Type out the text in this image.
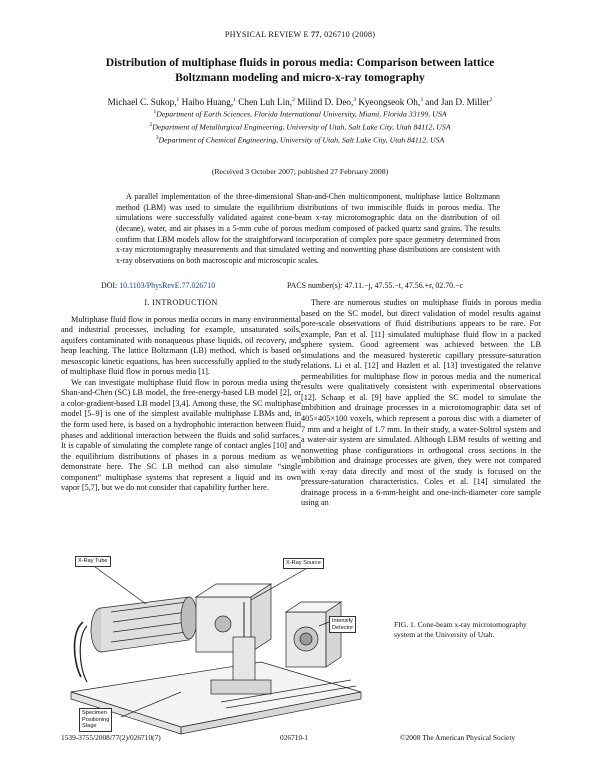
PHYSICAL REVIEW E 77, 026710 (2008)
Distribution of multiphase fluids in porous media: Comparison between lattice
Boltzmann modeling and micro-x-ray tomography
Michael C. Sukop,$^1$ Haibo Huang,$^1$ Chen Luh Lin,$^2$ Milind D. Deo,$^3$ Kyeongseok Oh,$^3$ and Jan D. Miller$^2$
$^1$Department of Earth Sciences, Florida International University, Miami, Florida 33199, USA
$^2$Department of Metallurgical Engineering, University of Utah, Salt Lake City, Utah 84112, USA
$^3$Department of Chemical Engineering, University of Utah, Salt Lake City, Utah 84112, USA
(Received 3 October 2007; published 27 February 2008)

A parallel implementation of the three-dimensional Shan-and-Chen multicomponent, multiphase lattice Boltzmann method (LBM) was used to simulate the equilibrium distributions of two immiscible fluids in porous media. The simulations were successfully validated against cone-beam x-ray microtomographic data on the distribution of oil (decane), water, and air phases in a 5-mm cube of porous medium composed of packed quartz sand grains. The results confirm that LBM models allow for the straightforward incorporation of complex pore space geometry determined from x-ray microtomography measurements and that simulated wetting and nonwetting phase distributions are consistent with x-ray observations on both macroscopic and microscopic scales.

DOI: 10.1103/PhysRevE.77.026710	PACS number(s): 47.11.−j, 47.55.−t, 47.56.+r, 02.70.−c
I. INTRODUCTION

Multiphase fluid flow in porous media occurs in many environmental and industrial processes, including for example, unsaturated soils, aquifers contaminated with nonaqueous phase liquids, oil recovery, and heap leaching. The lattice Boltzmann (LB) method, which is based on mesoscopic kinetic equations, has been successfully applied to the study of multiphase fluid flow in porous media [1].

We can investigate multiphase fluid flow in porous media using the Shan-and-Chen (SC) LB model, the free-energy-based LB model [2], or a color-gradient-based LB model [3,4]. Among these, the SC multiphase model [5–9] is one of the simplest available multiphase LBMs and, in the form used here, is based on a hydrophobic interaction between fluid phases and additional interaction between the fluids and solid surfaces. It is capable of simulating the complete range of contact angles [10] and the equilibrium distributions of phases in a porous medium as we demonstrate here. The SC LB method can also simulate “single component” multiphase systems that represent a liquid and its own vapor [5,7], but we do not consider that capability further here.

There are numerous studies on multiphase fluids in porous media based on the SC model, but direct validation of model results against pore-scale observations of fluid distributions appears to be rare. For example, Pan et al. [11] simulated multiphase fluid flow in a packed sphere system. Good agreement was achieved between the LB simulations and the measured hysteretic capillary pressure-saturation relations. Li et al. [12] and Hazlett et al. [13] investigated the relative permeabilities for multiphase flow in porous media and the numerical results were qualitatively consistent with experimental observations [12]. Schaap et al. [9] have applied the SC model to simulate the imbibition and drainage processes in a microtomographic data set of 405×405×100 voxels, which represent a porous disc with a diameter of 7 mm and a height of 1.7 mm. In their study, a water-Soltrol system and a water-air system are simulated. Although LBM results of wetting and nonwetting phase configurations in orthogonal cross sections in the imbibition and drainage processes are given, they were not compared with x-ray data directly and most of the study is focused on the pressure-saturation characteristics. Coles et al. [14] simulated the drainage process in a 6-mm-height and one-inch-diameter core sample using an

X-Ray Tube	X-Ray Source
Intensify
Detector
Specimen
Positioning
Stage
FIG. 1. Cone-beam x-ray microtomography system at the University of Utah.
1539-3755/2008/77(2)/026710(7)	026710-1	©2008 The American Physical Society
